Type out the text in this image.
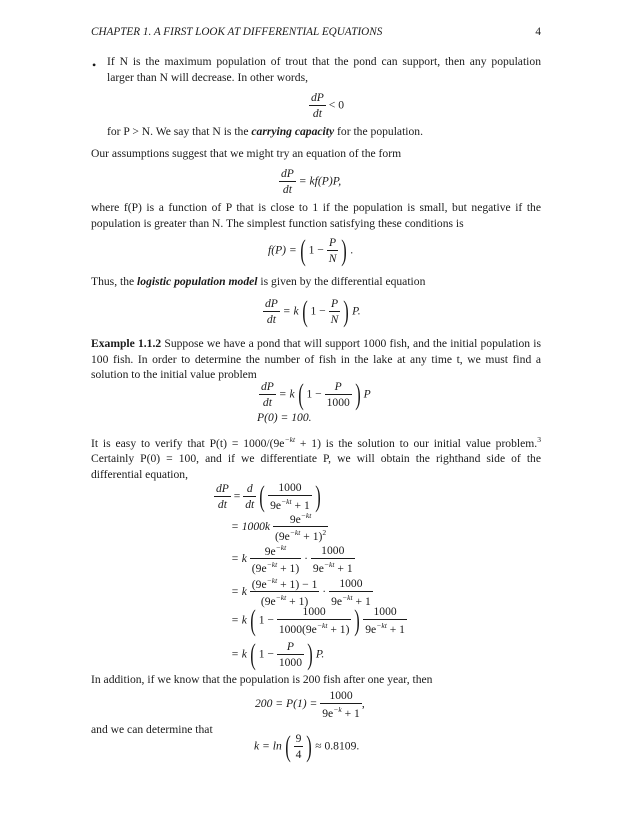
CHAPTER 1. A FIRST LOOK AT DIFFERENTIAL EQUATIONS	4
• If N is the maximum population of trout that the pond can support, then any population larger than N will decrease. In other words,
$\frac{dP}{dt} < 0$
for P > N. We say that N is the carrying capacity for the population.
Our assumptions suggest that we might try an equation of the form
$\frac{dP}{dt} = kf(P)P$,
where f(P) is a function of P that is close to 1 if the population is small, but negative if the population is greater than N. The simplest function satisfying these conditions is
f(P) = ( $1 - \frac{P}{N}$ ) .
Thus, the logistic population model is given by the differential equation
$\frac{dP}{dt} = k$ ( $1 - \frac{P}{N}$ ) P.
Example 1.1.2 Suppose we have a pond that will support 1000 fish, and the initial population is 100 fish. In order to determine the number of fish in the lake at any time t, we must find a solution to the initial value problem
$\frac{dP}{dt} = k$ ( $1 - \frac{P}{1000}$ ) P
P(0) = 100.
It is easy to verify that $P(t) = 1000/(9e^{-kt} + 1)$ is the solution to our initial value problem.$^3$ Certainly P(0) = 100, and if we differentiate P, we will obtain the righthand side of the differential equation,
$\frac{dP}{dt} = \frac{d}{dt}$ ( $\frac{1000}{9e^{-kt} + 1}$ )
= $1000k \frac{9e^{-kt}}{(9e^{-kt} + 1)^2}$
= k $\frac{9e^{-kt}}{(9e^{-kt} + 1)} \cdot \frac{1000}{9e^{-kt} + 1}$
= k $\frac{(9e^{-kt} + 1) - 1}{(9e^{-kt} + 1)} \cdot \frac{1000}{9e^{-kt} + 1}$
= k ( $1 - \frac{1000}{1000(9e^{-kt} + 1)}$ ) $\frac{1000}{9e^{-kt} + 1}$
= k ( $1 - \frac{P}{1000}$ ) P.
In addition, if we know that the population is 200 fish after one year, then
$200 = P(1) = \frac{1000}{9e^{-k} + 1}$ ,
and we can determine that
k = ln ( $\frac{9}{4}$ ) ≈ 0.8109.
